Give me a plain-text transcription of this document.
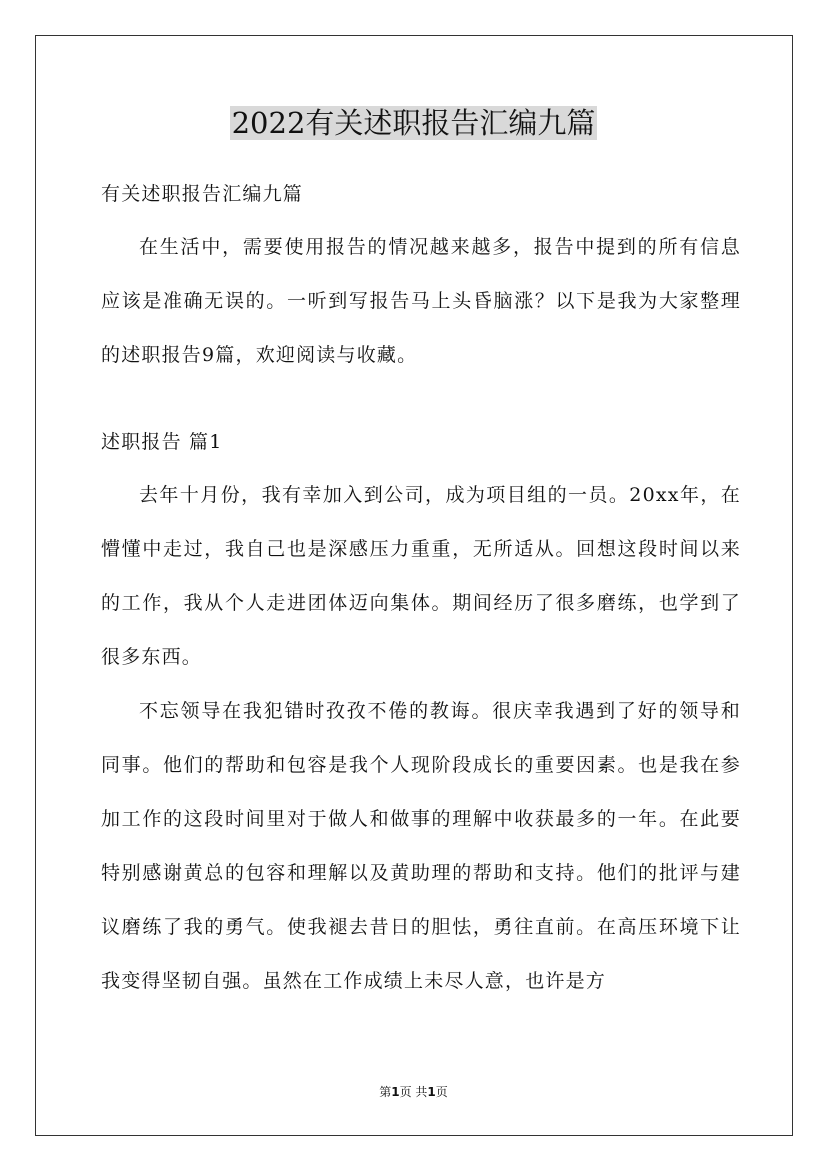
2022有关述职报告汇编九篇
有关述职报告汇编九篇

在生活中，需要使用报告的情况越来越多，报告中提到的所有信息应该是准确无误的。一听到写报告马上头昏脑涨？以下是我为大家整理的述职报告9篇，欢迎阅读与收藏。

述职报告 篇1

去年十月份，我有幸加入到公司，成为项目组的一员。20xx年，在懵懂中走过，我自己也是深感压力重重，无所适从。回想这段时间以来的工作，我从个人走进团体迈向集体。期间经历了很多磨练，也学到了很多东西。

不忘领导在我犯错时孜孜不倦的教诲。很庆幸我遇到了好的领导和同事。他们的帮助和包容是我个人现阶段成长的重要因素。也是我在参加工作的这段时间里对于做人和做事的理解中收获最多的一年。在此要特别感谢黄总的包容和理解以及黄助理的帮助和支持。他们的批评与建议磨练了我的勇气。使我褪去昔日的胆怯，勇往直前。在高压环境下让我变得坚韧自强。虽然在工作成绩上未尽人意，也许是方

第1页 共1页
